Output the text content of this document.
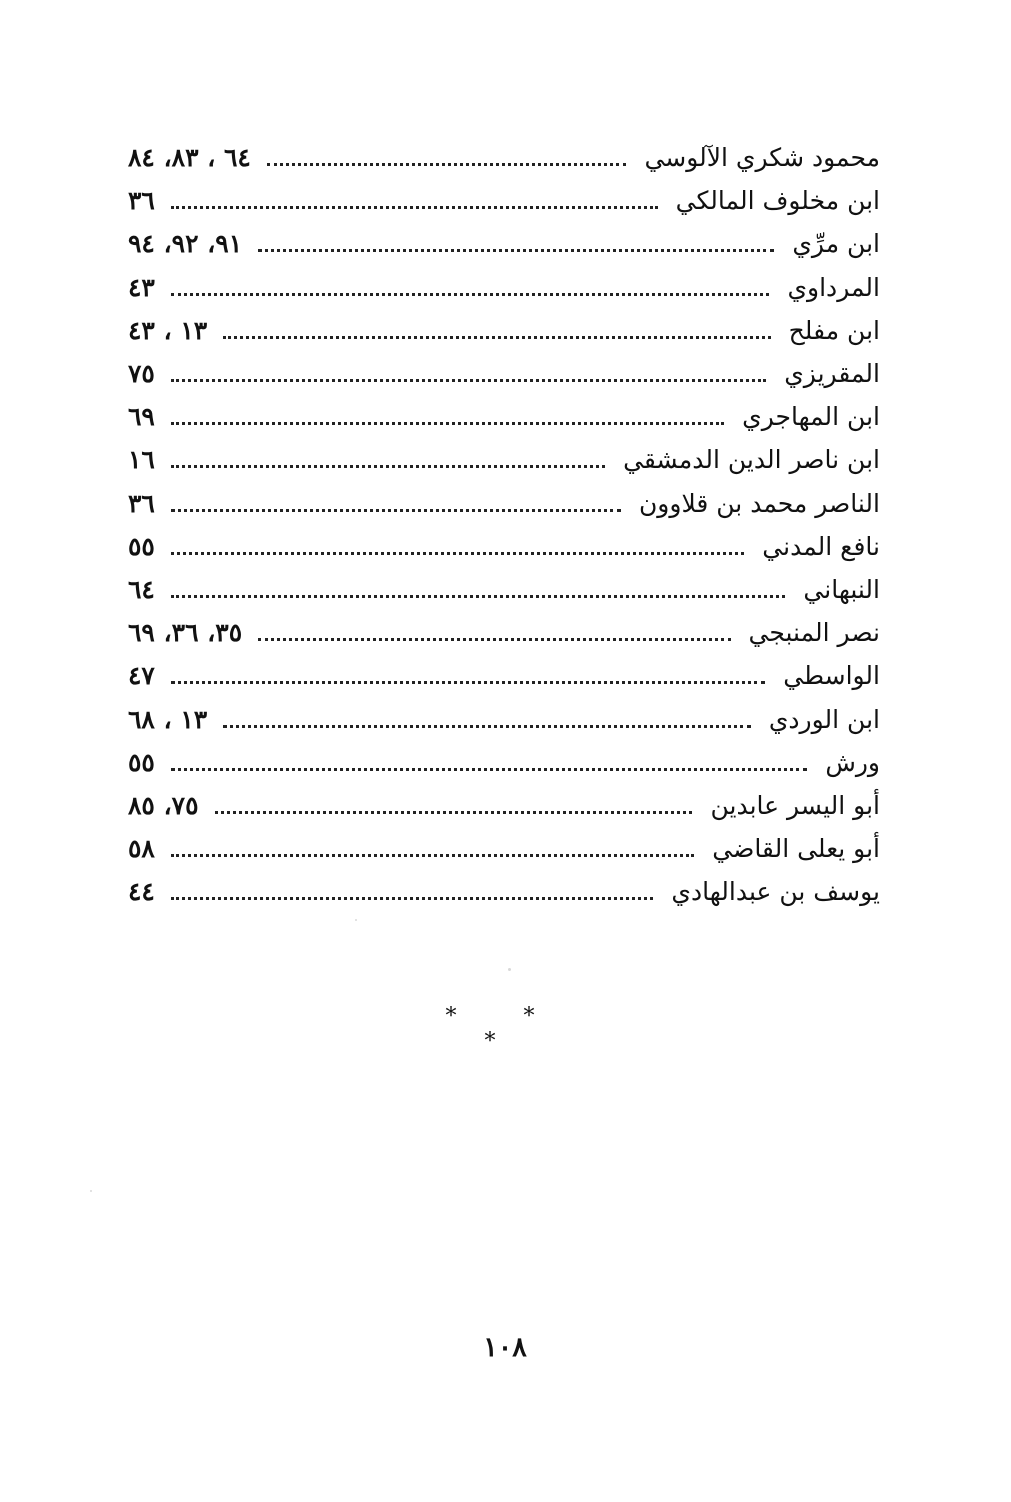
محمود شكري الآلوسي
٦٤ ، ٨٣، ٨٤
ابن مخلوف المالكي
٣٦
ابن مرِّي
٩١، ٩٢، ٩٤
المرداوي
٤٣
ابن مفلح
١٣ ، ٤٣
المقريزي
٧٥
ابن المهاجري
٦٩
ابن ناصر الدين الدمشقي
١٦
الناصر محمد بن قلاوون
٣٦
نافع المدني
٥٥
النبهاني
٦٤
نصر المنبجي
٣٥، ٣٦، ٦٩
الواسطي
٤٧
ابن الوردي
١٣ ، ٦٨
ورش
٥٥
أبو اليسر عابدين
٧٥، ٨٥
أبو يعلى القاضي
٥٨
يوسف بن عبدالهادي
٤٤
* * *
١٠٨
